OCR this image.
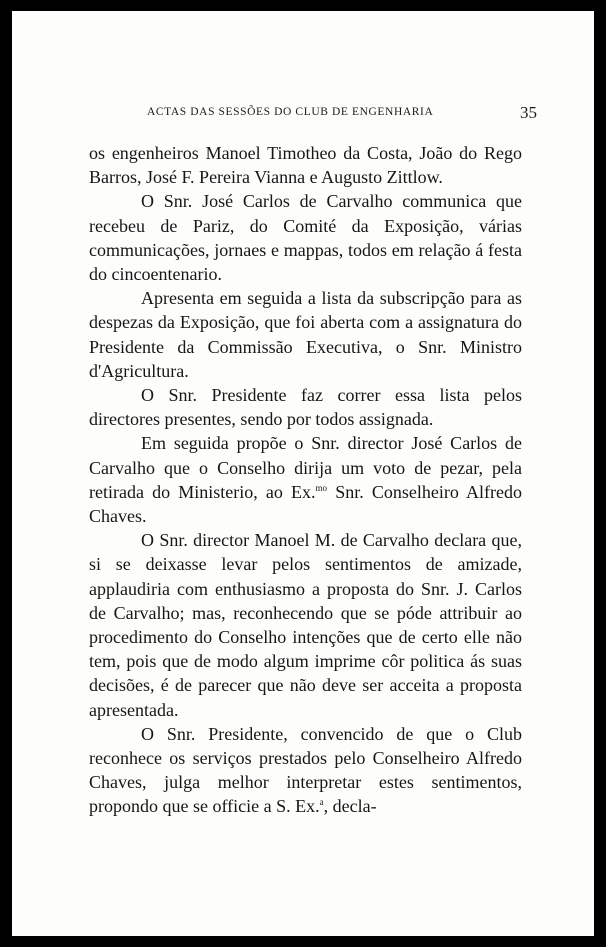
ACTAS DAS SESSÕES DO CLUB DE ENGENHARIA	35

os engenheiros Manoel Timotheo da Costa, João do Rego Barros, José F. Pereira Vianna e Augusto Zittlow.

O Snr. José Carlos de Carvalho communica que recebeu de Pariz, do Comité da Exposição, várias communicações, jornaes e mappas, todos em relação á festa do cincoentenario.

Apresenta em seguida a lista da subscripção para as despezas da Exposição, que foi aberta com a assignatura do Presidente da Commissão Executiva, o Snr. Ministro d'Agricultura.

O Snr. Presidente faz correr essa lista pelos directores presentes, sendo por todos assignada.

Em seguida propõe o Snr. director José Carlos de Carvalho que o Conselho dirija um voto de pezar, pela retirada do Ministerio, ao Ex.$^{mo}$ Snr. Conselheiro Alfredo Chaves.

O Snr. director Manoel M. de Carvalho declara que, si se deixasse levar pelos sentimentos de amizade, applaudiria com enthusiasmo a proposta do Snr. J. Carlos de Carvalho; mas, reconhecendo que se póde attribuir ao procedimento do Conselho intenções que de certo elle não tem, pois que de modo algum imprime côr politica ás suas decisões, é de parecer que não deve ser acceita a proposta apresentada.

O Snr. Presidente, convencido de que o Club reconhece os serviços prestados pelo Conselheiro Alfredo Chaves, julga melhor interpretar estes sentimentos, propondo que se officie a S. Ex.$^a$, decla-
